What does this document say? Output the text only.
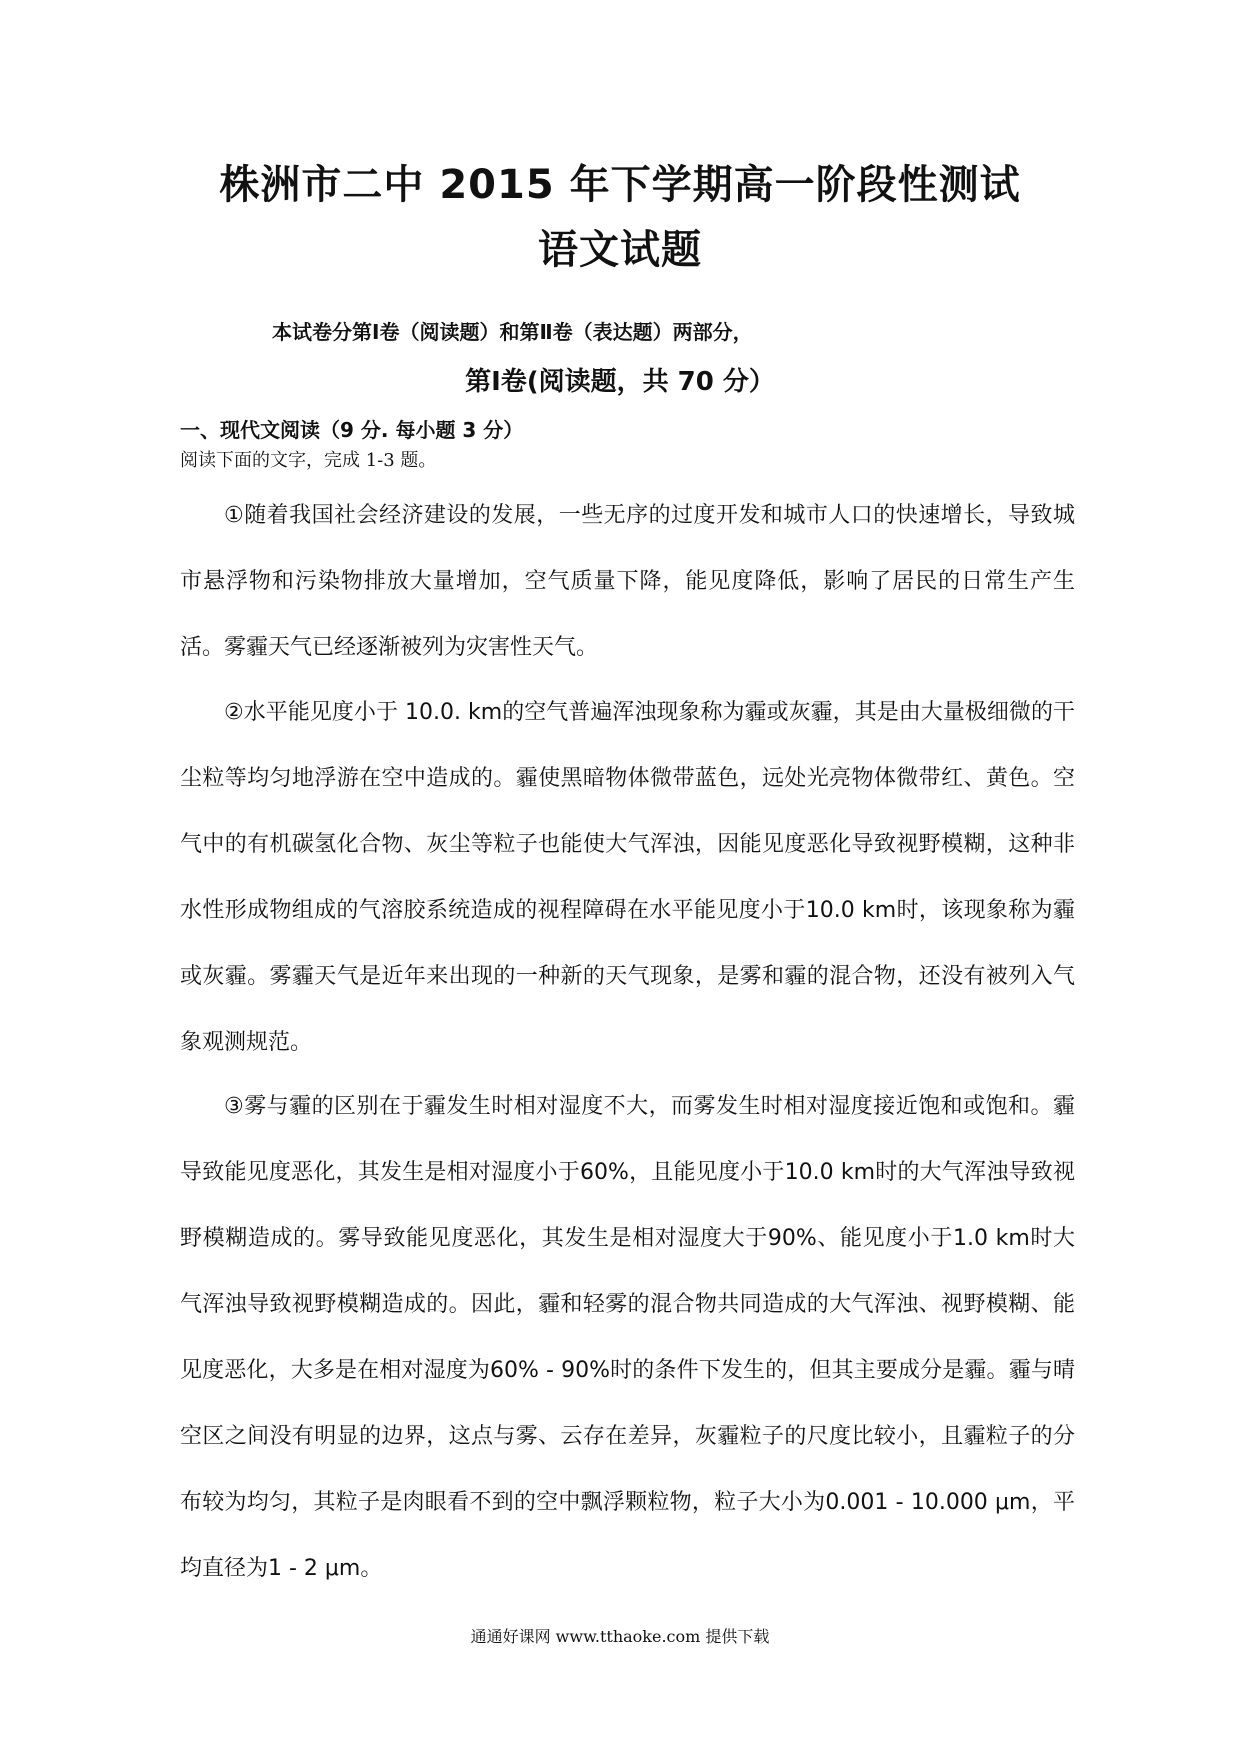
株洲市二中 2015 年下学期高一阶段性测试
语文试题
本试卷分第Ⅰ卷（阅读题）和第Ⅱ卷（表达题）两部分，
第Ⅰ卷(阅读题，共 70 分）
一、现代文阅读（9 分. 每小题 3 分）
阅读下面的文字，完成 1-3 题。

①随着我国社会经济建设的发展，一些无序的过度开发和城市人口的快速增长，导致城市悬浮物和污染物排放大量增加，空气质量下降，能见度降低，影响了居民的日常生产生活。雾霾天气已经逐渐被列为灾害性天气。

②水平能见度小于 10.0. km的空气普遍浑浊现象称为霾或灰霾，其是由大量极细微的干尘粒等均匀地浮游在空中造成的。霾使黑暗物体微带蓝色，远处光亮物体微带红、黄色。空气中的有机碳氢化合物、灰尘等粒子也能使大气浑浊，因能见度恶化导致视野模糊，这种非水性形成物组成的气溶胶系统造成的视程障碍在水平能见度小于10.0 km时，该现象称为霾或灰霾。雾霾天气是近年来出现的一种新的天气现象，是雾和霾的混合物，还没有被列入气象观测规范。

③雾与霾的区别在于霾发生时相对湿度不大，而雾发生时相对湿度接近饱和或饱和。霾导致能见度恶化，其发生是相对湿度小于60%，且能见度小于10.0 km时的大气浑浊导致视野模糊造成的。雾导致能见度恶化，其发生是相对湿度大于90%、能见度小于1.0 km时大气浑浊导致视野模糊造成的。因此，霾和轻雾的混合物共同造成的大气浑浊、视野模糊、能见度恶化，大多是在相对湿度为60% - 90%时的条件下发生的，但其主要成分是霾。霾与晴空区之间没有明显的边界，这点与雾、云存在差异，灰霾粒子的尺度比较小，且霾粒子的分布较为均匀，其粒子是肉眼看不到的空中飘浮颗粒物，粒子大小为0.001 - 10.000 μm，平均直径为1 - 2 μm。

通通好课网 www.tthaoke.com 提供下载
